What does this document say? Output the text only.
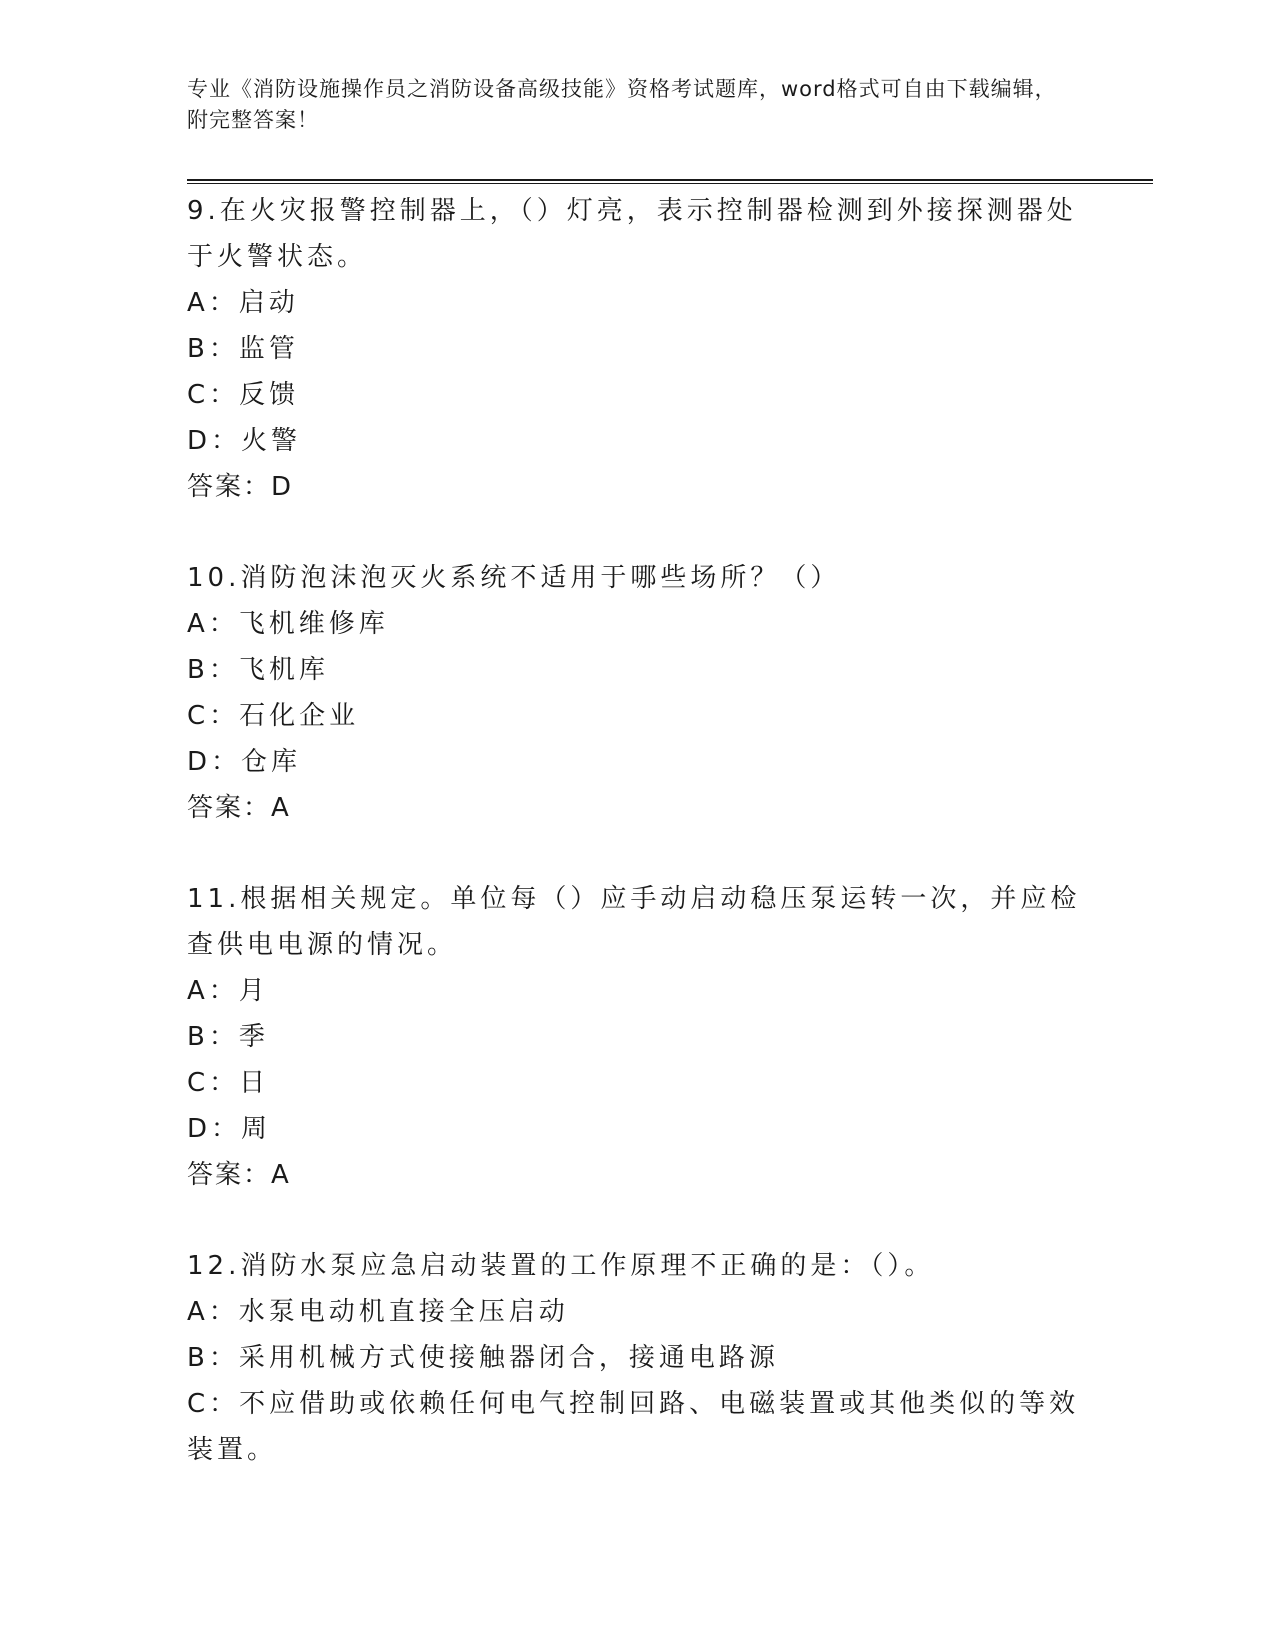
专业《消防设施操作员之消防设备高级技能》资格考试题库，word格式可自由下载编辑，附完整答案！

9.在火灾报警控制器上，（）灯亮，表示控制器检测到外接探测器处于火警状态。

A：启动

B：监管

C：反馈

D：火警

答案：D

10.消防泡沫泡灭火系统不适用于哪些场所？（）

A：飞机维修库

B：飞机库

C：石化企业

D：仓库

答案：A

11.根据相关规定。单位每（）应手动启动稳压泵运转一次，并应检查供电电源的情况。

A：月

B：季

C：日

D：周

答案：A

12.消防水泵应急启动装置的工作原理不正确的是：（）。

A：水泵电动机直接全压启动

B：采用机械方式使接触器闭合，接通电路源

C：不应借助或依赖任何电气控制回路、电磁装置或其他类似的等效装置。
